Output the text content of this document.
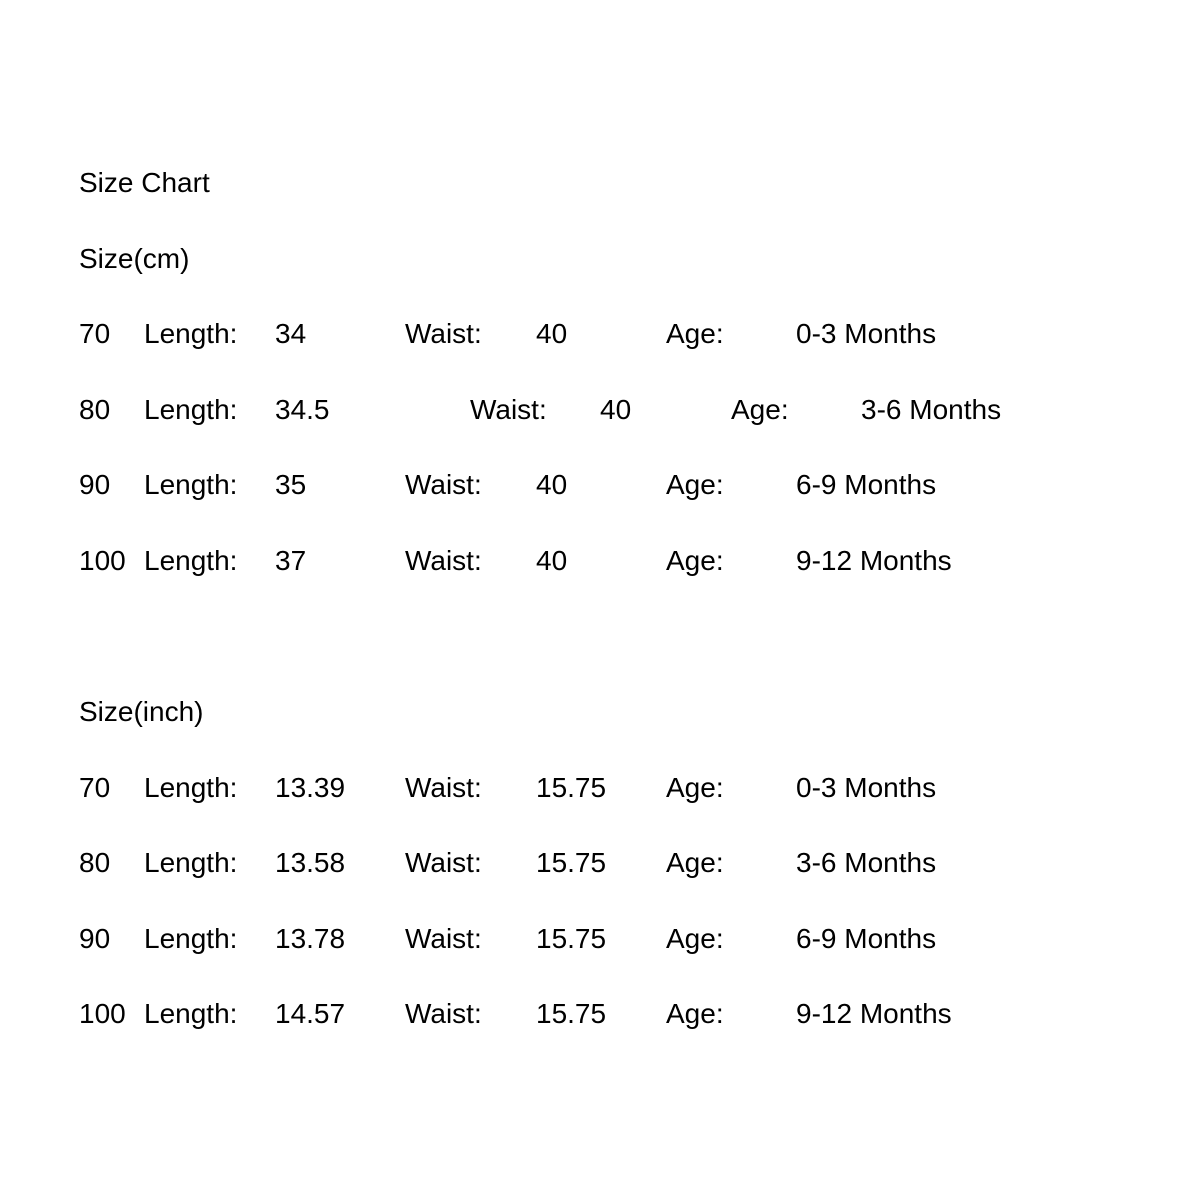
Size Chart
Size(cm)
70 Length: 34	Waist: 40	Age:	0-3 Months
80 Length: 34.5	Waist: 40	Age:	3-6 Months
90 Length: 35	Waist: 40	Age:	6-9 Months
100 Length: 37	Waist: 40	Age:	9-12 Months
Size(inch)
70 Length: 13.39 Waist: 15.75 Age:	0-3 Months
80 Length: 13.58 Waist: 15.75 Age:	3-6 Months
90 Length: 13.78 Waist: 15.75 Age:	6-9 Months
100 Length: 14.57 Waist: 15.75 Age:	9-12 Months
